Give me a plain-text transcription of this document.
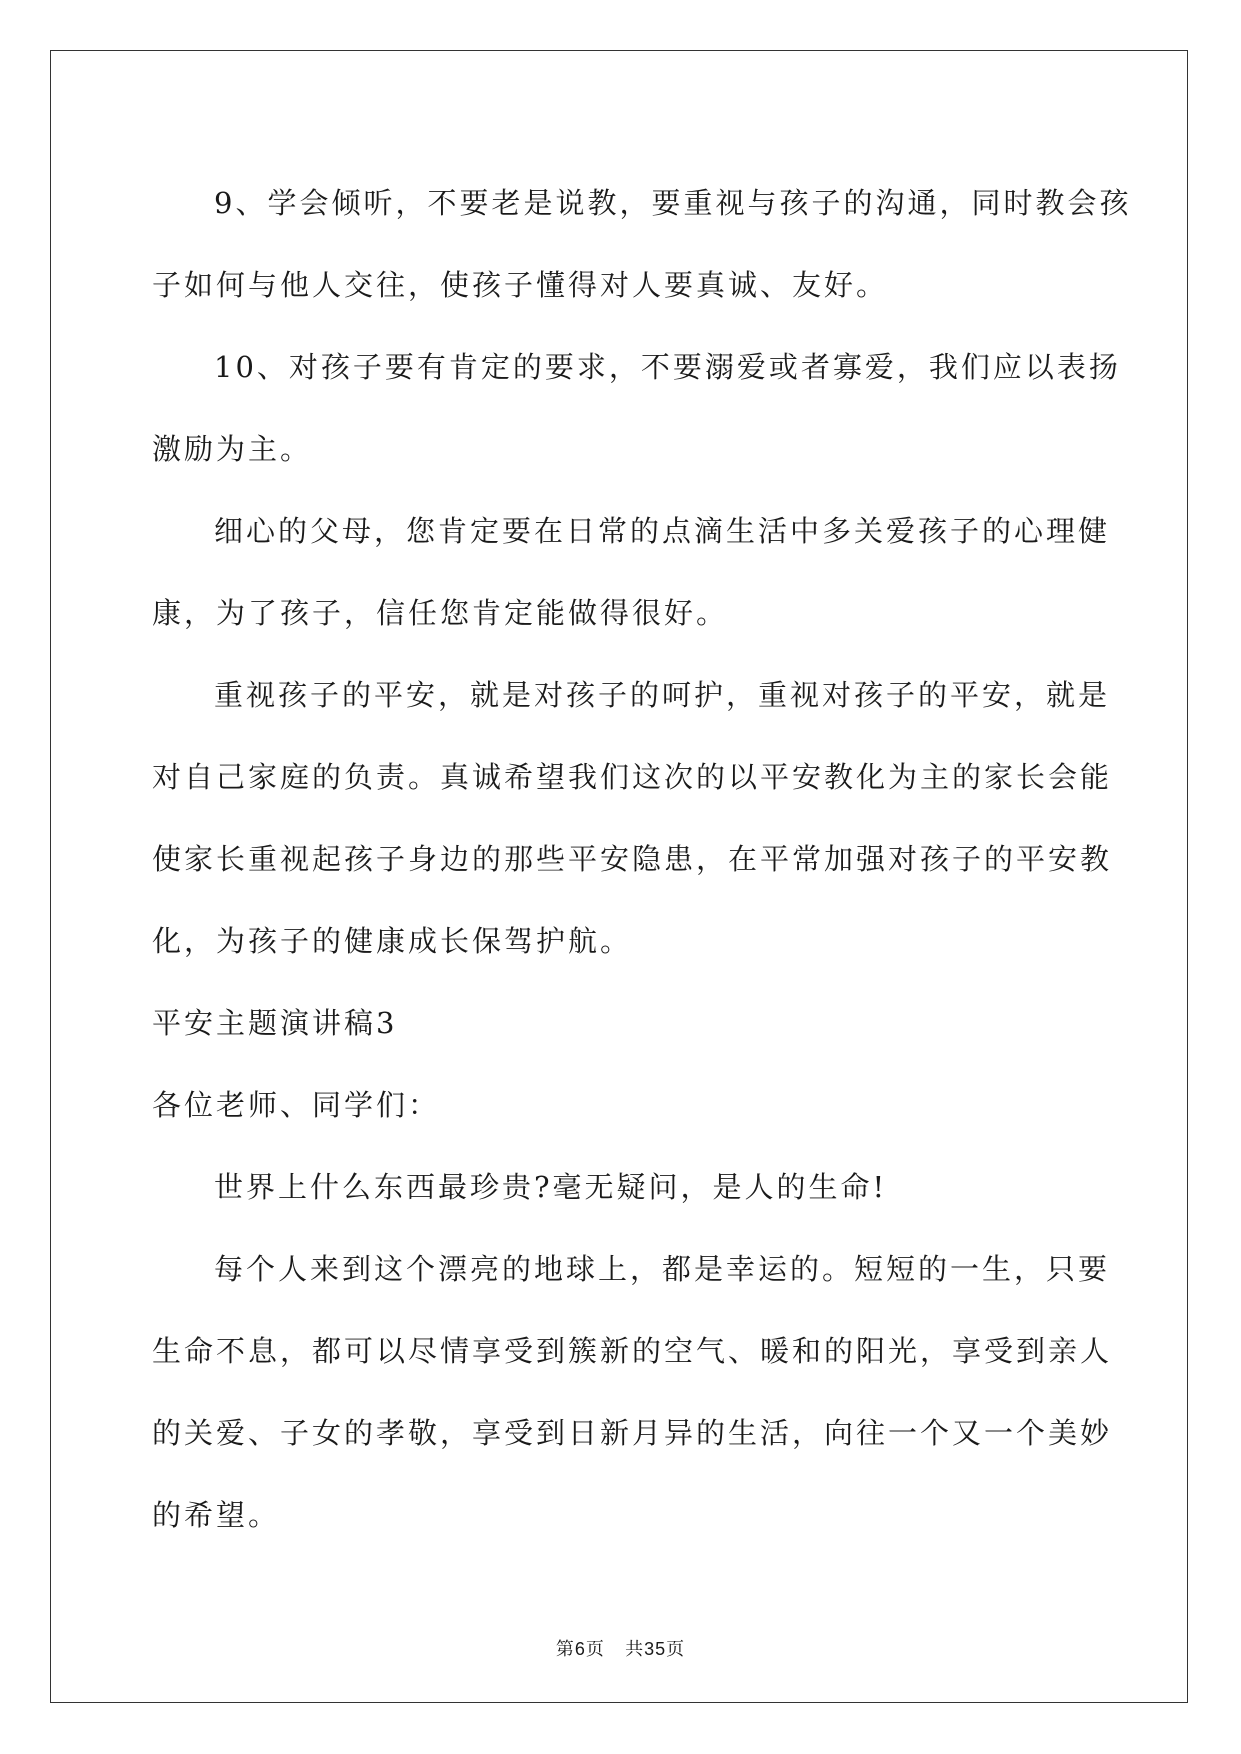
9、学会倾听，不要老是说教，要重视与孩子的沟通，同时教会孩
子如何与他人交往，使孩子懂得对人要真诚、友好。
10、对孩子要有肯定的要求，不要溺爱或者寡爱，我们应以表扬
激励为主。
细心的父母，您肯定要在日常的点滴生活中多关爱孩子的心理健
康，为了孩子，信任您肯定能做得很好。
重视孩子的平安，就是对孩子的呵护，重视对孩子的平安，就是
对自己家庭的负责。真诚希望我们这次的以平安教化为主的家长会能
使家长重视起孩子身边的那些平安隐患，在平常加强对孩子的平安教
化，为孩子的健康成长保驾护航。
平安主题演讲稿3
各位老师、同学们：
世界上什么东西最珍贵?毫无疑问，是人的生命!
每个人来到这个漂亮的地球上，都是幸运的。短短的一生，只要
生命不息，都可以尽情享受到簇新的空气、暖和的阳光，享受到亲人
的关爱、子女的孝敬，享受到日新月异的生活，向往一个又一个美妙
的希望。
第6页 共35页
